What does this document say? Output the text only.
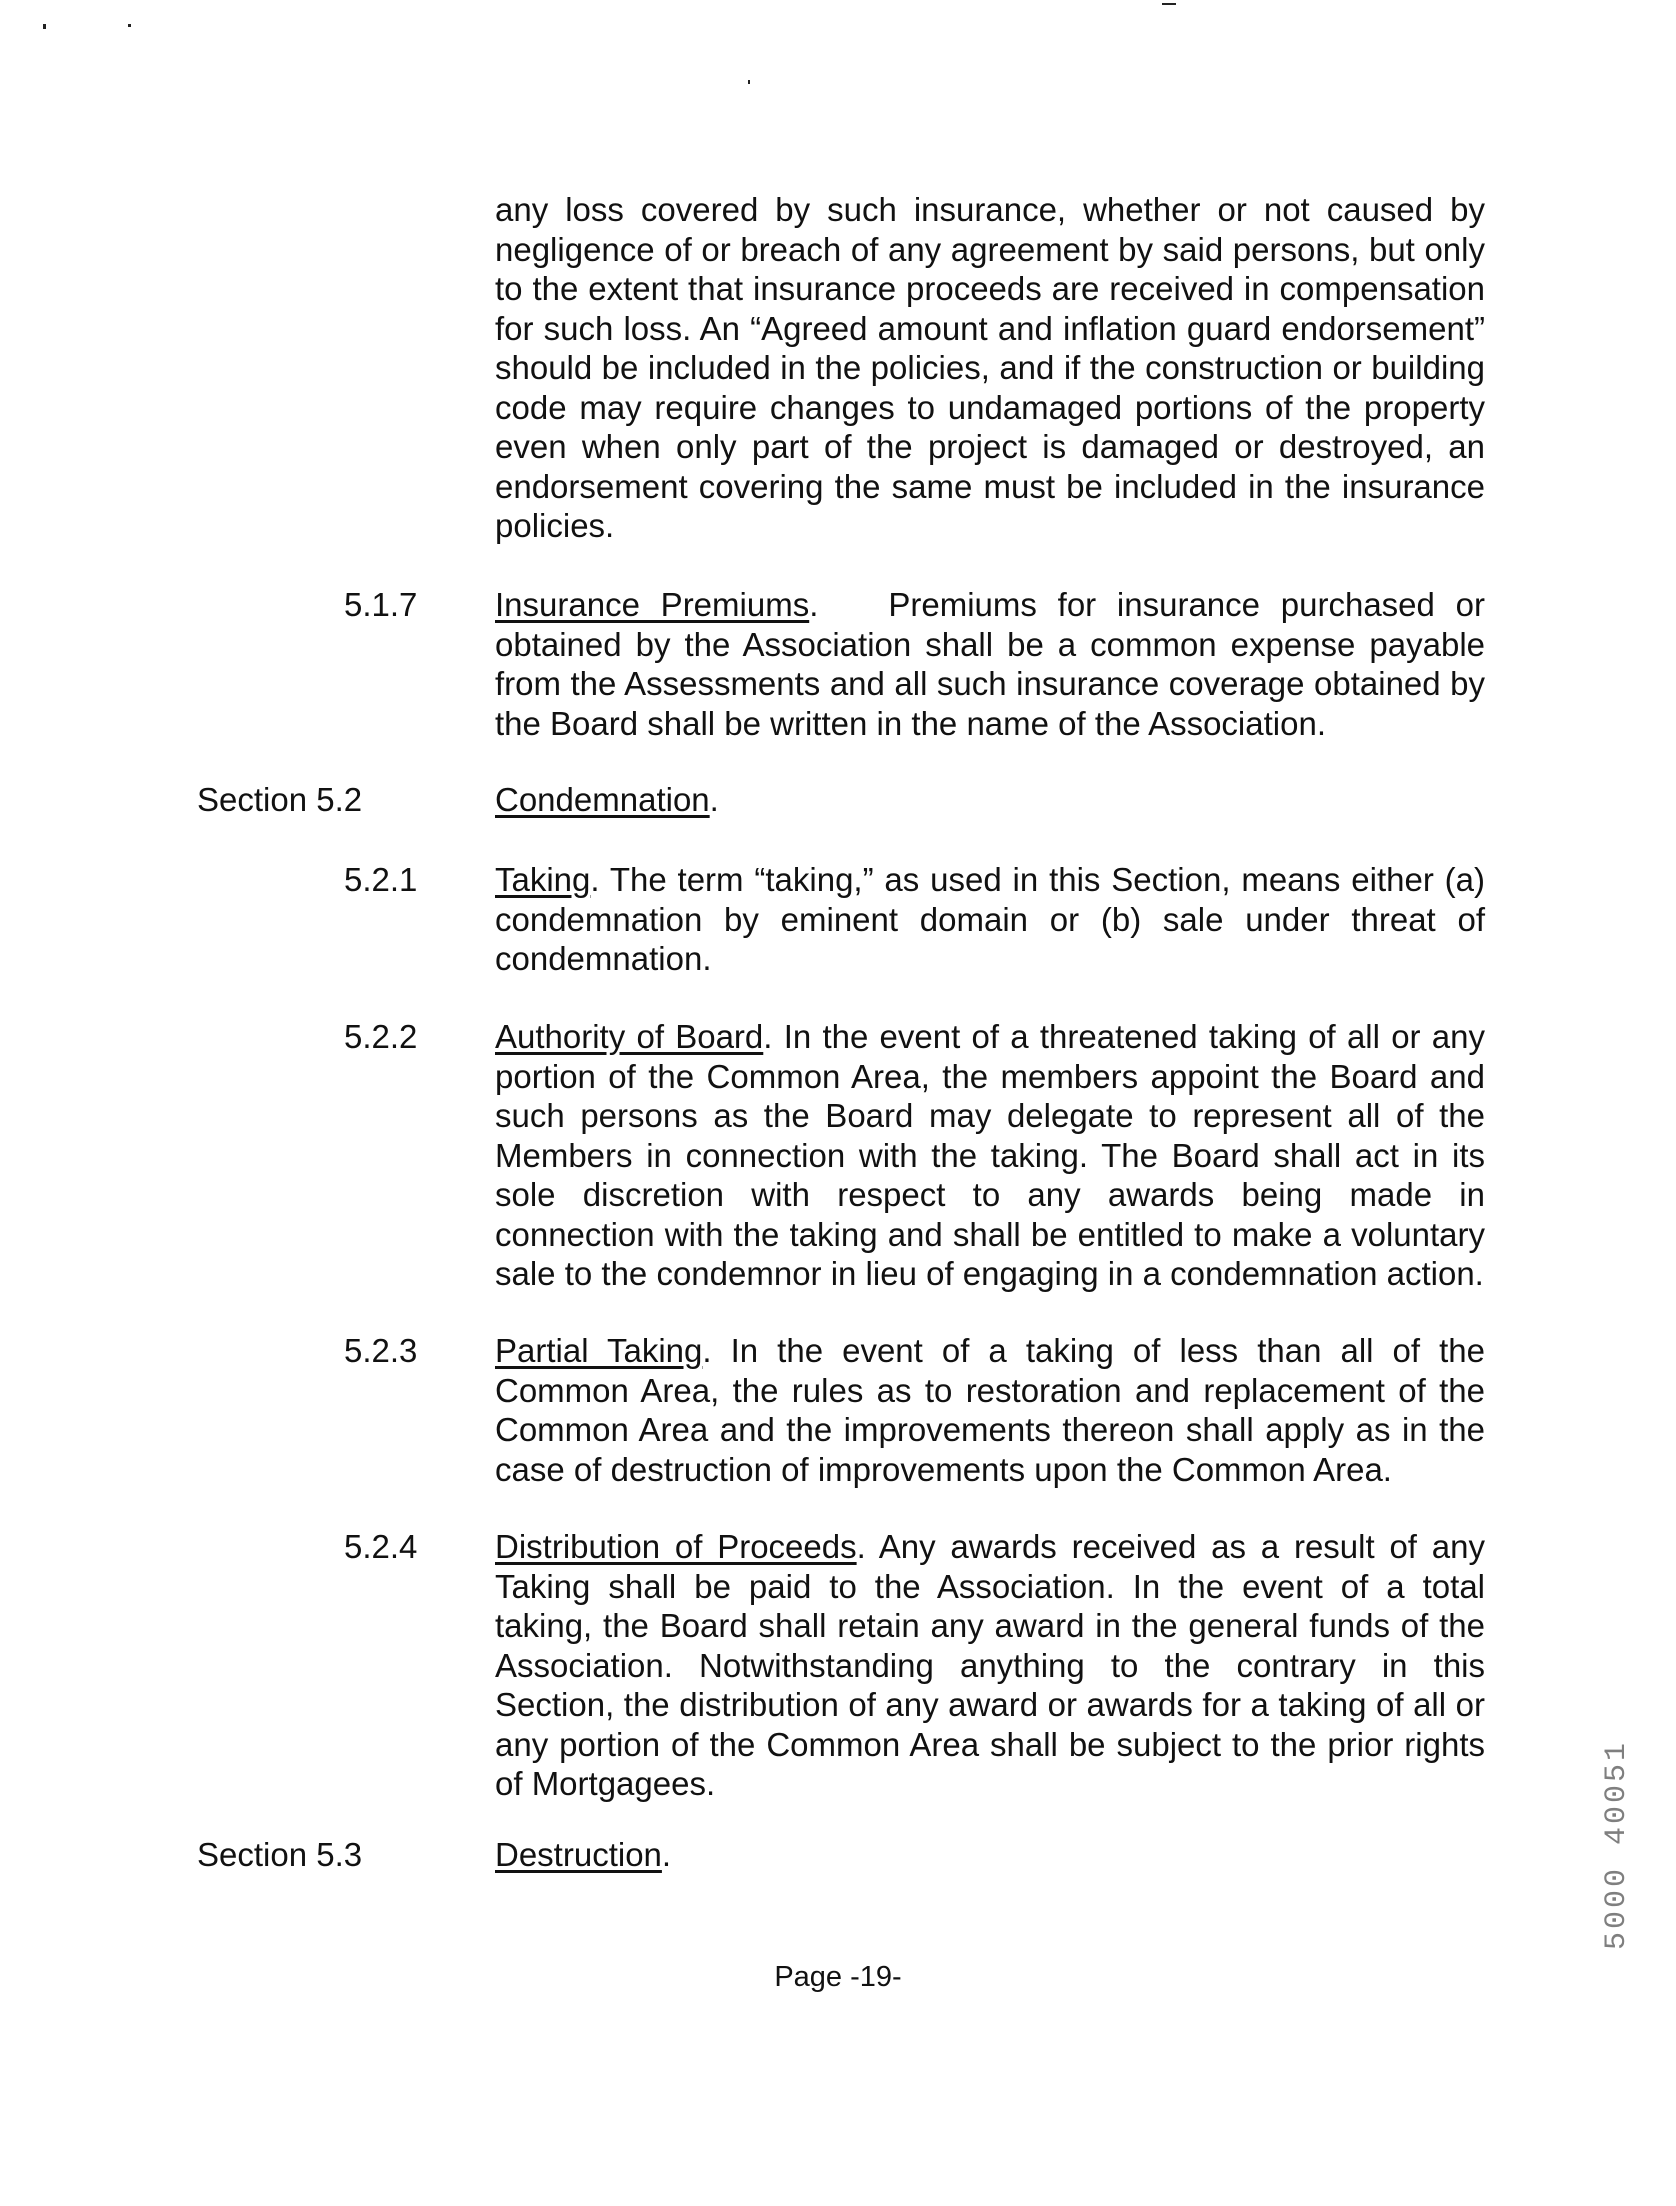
any loss covered by such insurance, whether or not caused by negligence of or breach of any agreement by said persons, but only to the extent that insurance proceeds are received in compensation for such loss. An “Agreed amount and inflation guard endorsement” should be included in the policies, and if the construction or building code may require changes to undamaged portions of the property even when only part of the project is damaged or destroyed, an endorsement covering the same must be included in the insurance policies.

5.1.7 Insurance Premiums. Premiums for insurance purchased or obtained by the Association shall be a common expense payable from the Assessments and all such insurance coverage obtained by the Board shall be written in the name of the Association.

Section 5.2	Condemnation.
5.2.1 Taking. The term “taking,” as used in this Section, means either (a) condemnation by eminent domain or (b) sale under threat of condemnation.

5.2.2 Authority of Board. In the event of a threatened taking of all or any portion of the Common Area, the members appoint the Board and such persons as the Board may delegate to represent all of the Members in connection with the taking. The Board shall act in its sole discretion with respect to any awards being made in connection with the taking and shall be entitled to make a voluntary sale to the condemnor in lieu of engaging in a condemnation action.

5.2.3 Partial Taking. In the event of a taking of less than all of the Common Area, the rules as to restoration and replacement of the Common Area and the improvements thereon shall apply as in the case of destruction of improvements upon the Common Area.

5.2.4 Distribution of Proceeds. Any awards received as a result of any Taking shall be paid to the Association. In the event of a total taking, the Board shall retain any award in the general funds of the Association. Notwithstanding anything to the contrary in this Section, the distribution of any award or awards for a taking of all or any portion of the Common Area shall be subject to the prior rights of Mortgagees.

Section 5.3	Destruction.
Page -19-
5000 40051
